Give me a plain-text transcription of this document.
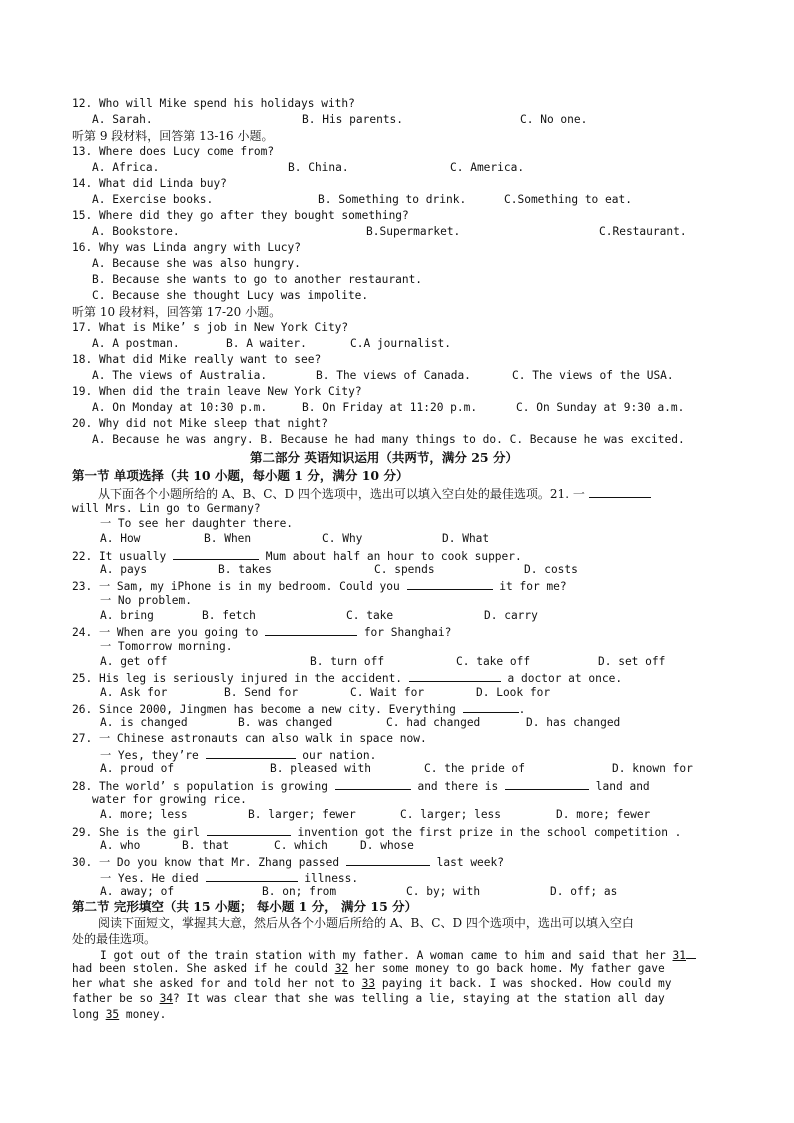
12. Who will Mike spend his holidays with?
A. Sarah.	B. His parents.	C. No one.
听第 9 段材料，回答第 13-16 小题。
13. Where does Lucy come from?
A. Africa.	B. China.	C. America.
14. What did Linda buy?
A. Exercise books.	B. Something to drink.	C.Something to eat.
15. Where did they go after they bought something?
A. Bookstore.	B.Supermarket.	C.Restaurant.
16. Why was Linda angry with Lucy?
A. Because she was also hungry.
B. Because she wants to go to another restaurant.
C. Because she thought Lucy was impolite.
听第 10 段材料，回答第 17-20 小题。
17. What is Mike’ s job in New York City?
A. A postman.	B. A waiter.	C.A journalist.
18. What did Mike really want to see?
A. The views of Australia.	B. The views of Canada.	C. The views of the USA.
19. When did the train leave New York City?
A. On Monday at 10:30 p.m.	B. On Friday at 11:20 p.m.	C. On Sunday at 9:30 a.m.
20. Why did not Mike sleep that night?
A. Because he was angry. B. Because he had many things to do. C. Because he was excited.
第二部分 英语知识运用（共两节，满分 25 分）
第一节 单项选择（共 10 小题，每小题 1 分，满分 10 分）
从下面各个小题所给的 A、B、C、D 四个选项中，选出可以填入空白处的最佳选项。21. 一
will Mrs. Lin go to Germany?
一 To see her daughter there.
A. How	B. When	C. Why	D. What
22. It usually	Mum about half an hour to cook supper.
A. pays	B. takes	C. spends	D. costs
23. 一 Sam, my iPhone is in my bedroom. Could you	it for me?
一 No problem.
A. bring	B. fetch	C. take	D. carry
24. 一 When are you going to	for Shanghai?
一 Tomorrow morning.
A. get off	B. turn off	C. take off	D. set off
25. His leg is seriously injured in the accident.	a doctor at once.
A. Ask for	B. Send for	C. Wait for	D. Look for
26. Since 2000, Jingmen has become a new city. Everything	.
A. is changed	B. was changed	C. had changed	D. has changed
27. 一 Chinese astronauts can also walk in space now.
一 Yes, they’re	our nation.
A. proud of	B. pleased with	C. the pride of	D. known for
28. The world’ s population is growing	and there is	land and
water for growing rice.
A. more; less	B. larger; fewer	C. larger; less	D. more; fewer
29. She is the girl	invention got the first prize in the school competition .
A. who	B. that	C. which	D. whose
30. 一 Do you know that Mr. Zhang passed	last week?
一 Yes. He died	illness.
A. away; of	B. on; from	C. by; with	D. off; as
第二节 完形填空（共 15 小题； 每小题 1 分， 满分 15 分）
阅读下面短文，掌握其大意，然后从各个小题后所给的 A、B、C、D 四个选项中，选出可以填入空白
处的最佳选项。
I got out of the train station with my father. A woman came to him and said that her 31
had been stolen. She asked if he could 32 her some money to go back home. My father gave
her what she asked for and told her not to 33 paying it back. I was shocked. How could my
father be so 34? It was clear that she was telling a lie, staying at the station all day
long 35 money.
